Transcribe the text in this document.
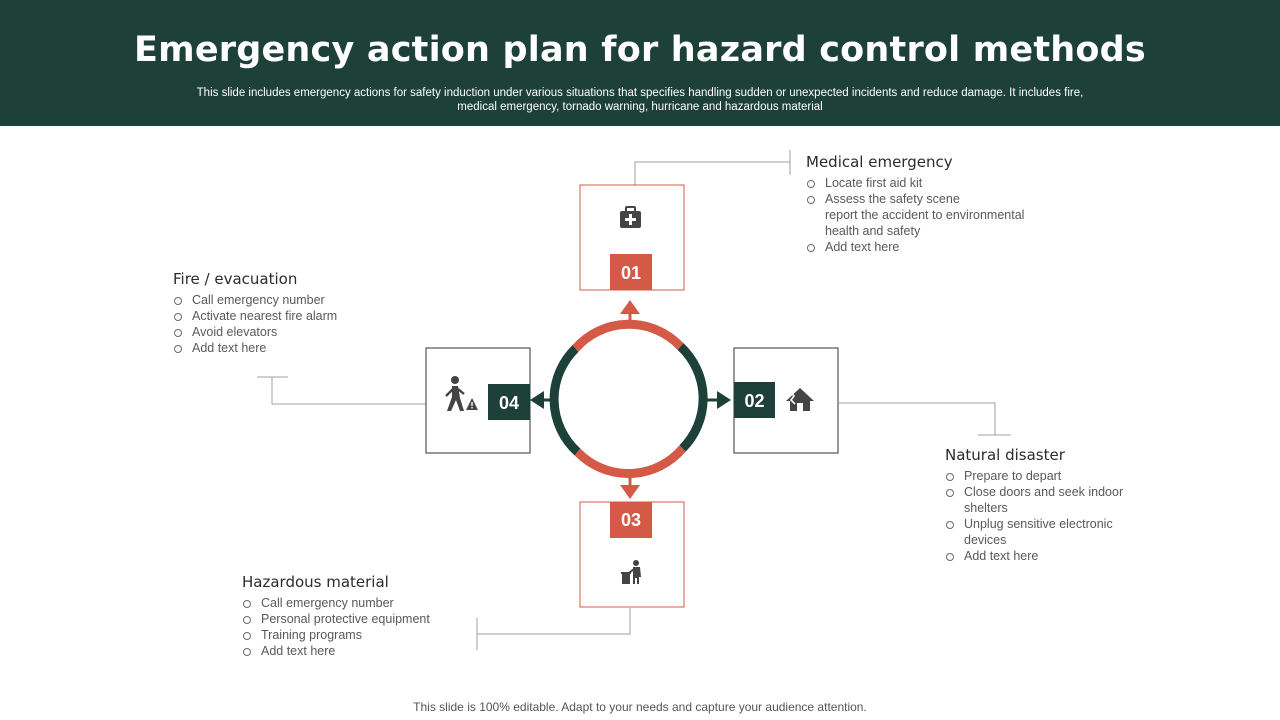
Emergency action plan for hazard control methods
This slide includes emergency actions for safety induction under various situations that specifies handling sudden or unexpected incidents and reduce damage. It includes fire, medical emergency, tornado warning, hurricane and hazardous material
01
02
03
04
Medical emergency
Locate first aid kit
Assess the safety scene
report the accident to environmental
health and safety
Add text here
Fire / evacuation
Call emergency number
Activate nearest fire alarm
Avoid elevators
Add text here
Natural disaster
Prepare to depart
Close doors and seek indoor shelters
Unplug sensitive electronic devices
Add text here
Hazardous material
Call emergency number
Personal protective equipment
Training programs
Add text here
This slide is 100% editable. Adapt to your needs and capture your audience attention.
